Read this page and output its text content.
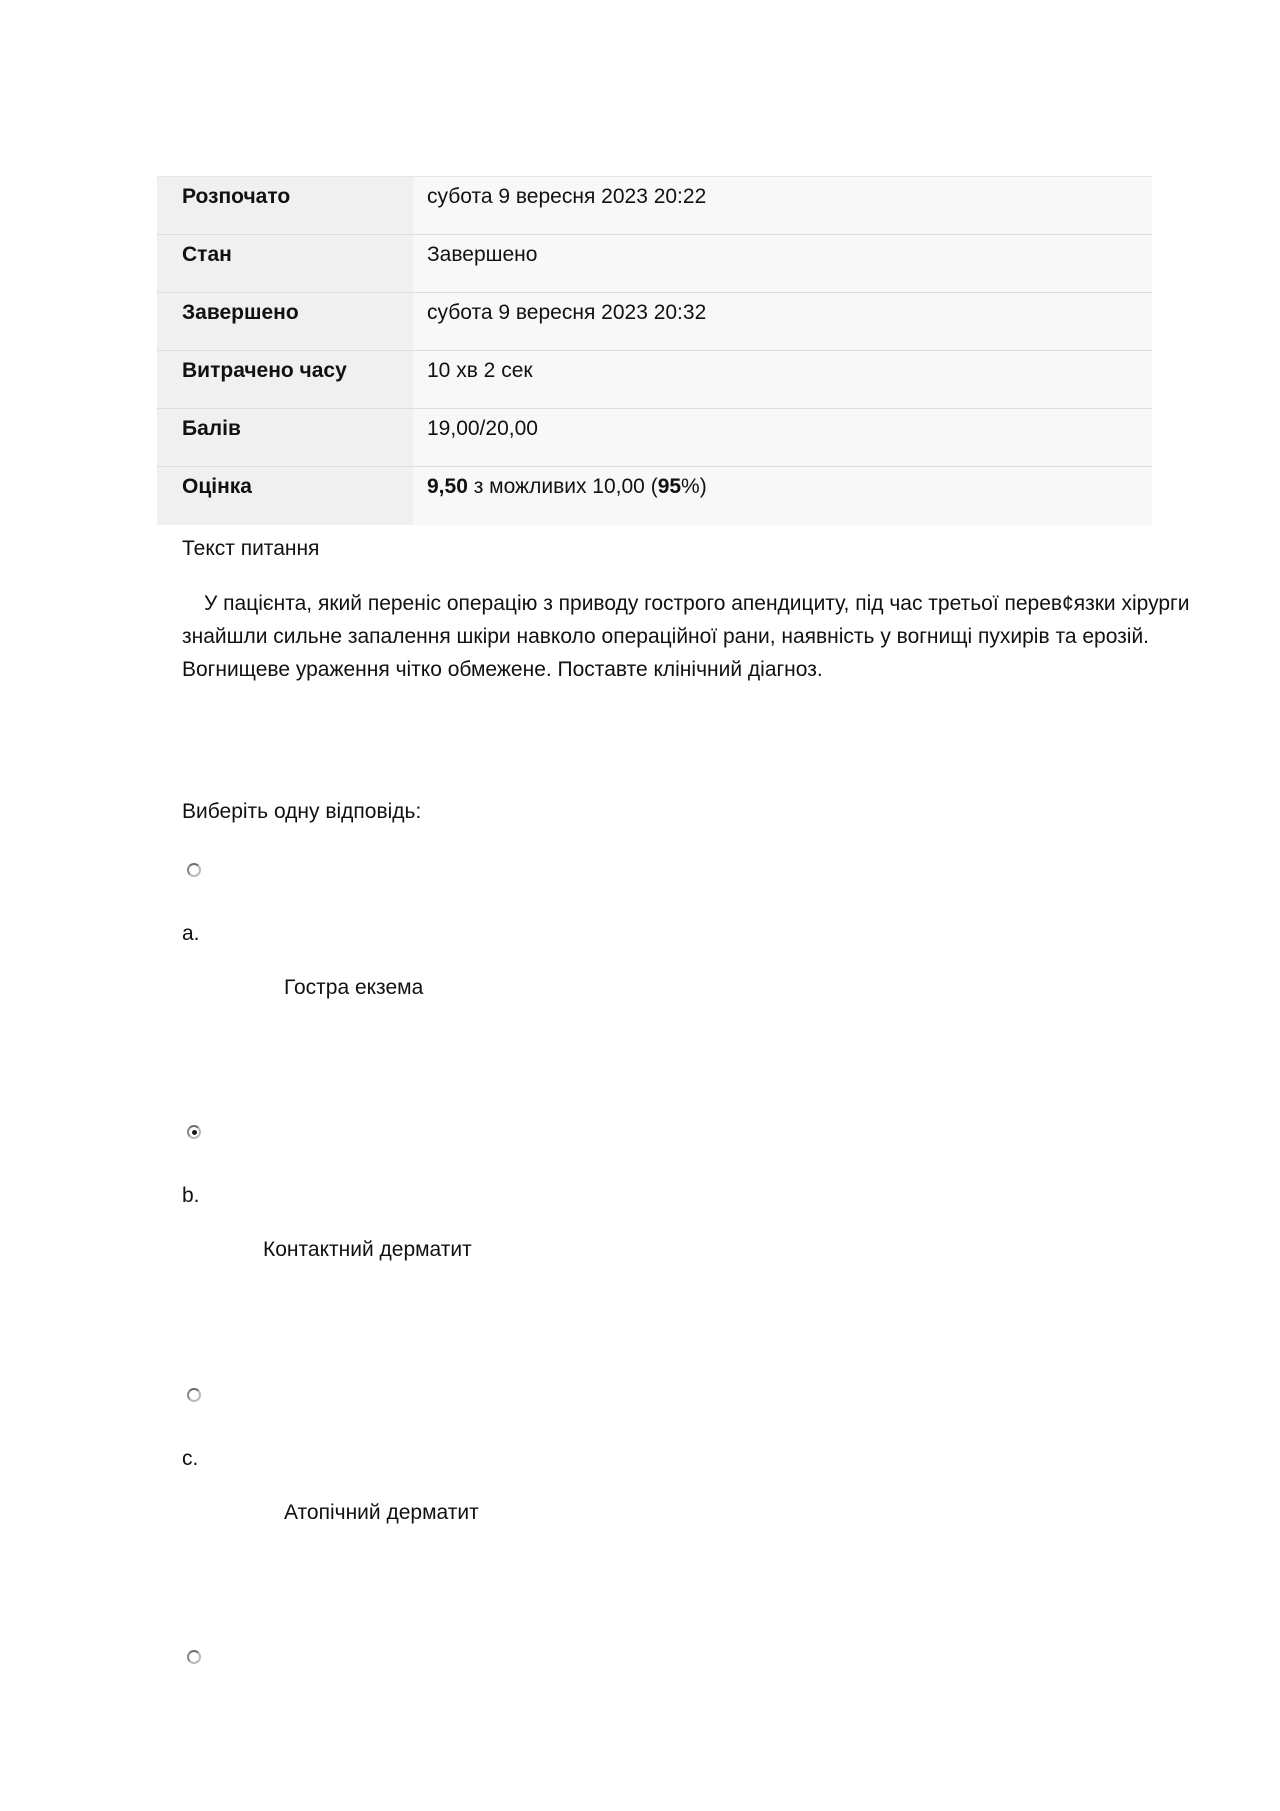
Розпочато	субота 9 вересня 2023 20:22
Стан	Завершено
Завершено	субота 9 вересня 2023 20:32
Витрачено часу	10 хв 2 сек
Балів	19,00/20,00
Оцінка	9,50 з можливих 10,00 (95%)
Текст питання
У пацієнта, який переніс операцію з приводу гострого апендициту, під час третьої перев¢язки хірурги знайшли сильне запалення шкіри навколо операційної рани, наявність у вогнищі пухирів та ерозій. Вогнищеве ураження чітко обмежене. Поставте клінічний діагноз.
Виберіть одну відповідь:
a.
Гостра екзема
b.
Контактний дерматит
c.
Атопічний дерматит
